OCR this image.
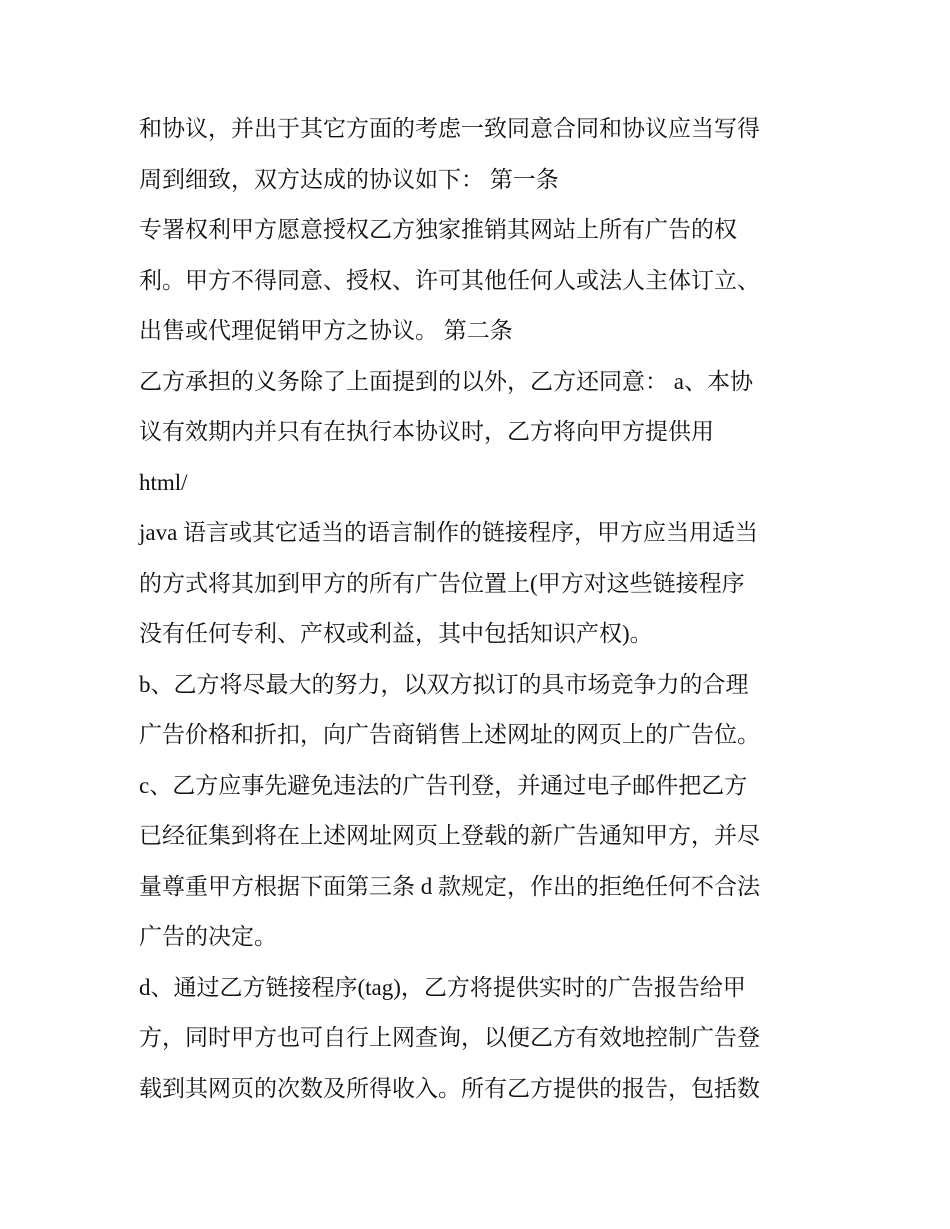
和协议，并出于其它方面的考虑一致同意合同和协议应当写得
周到细致，双方达成的协议如下： 第一条
专署权利甲方愿意授权乙方独家推销其网站上所有广告的权
利。甲方不得同意、授权、许可其他任何人或法人主体订立、
出售或代理促销甲方之协议。 第二条
乙方承担的义务除了上面提到的以外，乙方还同意： a、本协
议有效期内并只有在执行本协议时，乙方将向甲方提供用
html/
java 语言或其它适当的语言制作的链接程序，甲方应当用适当
的方式将其加到甲方的所有广告位置上(甲方对这些链接程序
没有任何专利、产权或利益，其中包括知识产权)。
b、乙方将尽最大的努力，以双方拟订的具市场竞争力的合理
广告价格和折扣，向广告商销售上述网址的网页上的广告位。
c、乙方应事先避免违法的广告刊登，并通过电子邮件把乙方
已经征集到将在上述网址网页上登载的新广告通知甲方，并尽
量尊重甲方根据下面第三条 d 款规定，作出的拒绝任何不合法
广告的决定。
d、通过乙方链接程序(tag)，乙方将提供实时的广告报告给甲
方，同时甲方也可自行上网查询，以便乙方有效地控制广告登
载到其网页的次数及所得收入。所有乙方提供的报告，包括数
